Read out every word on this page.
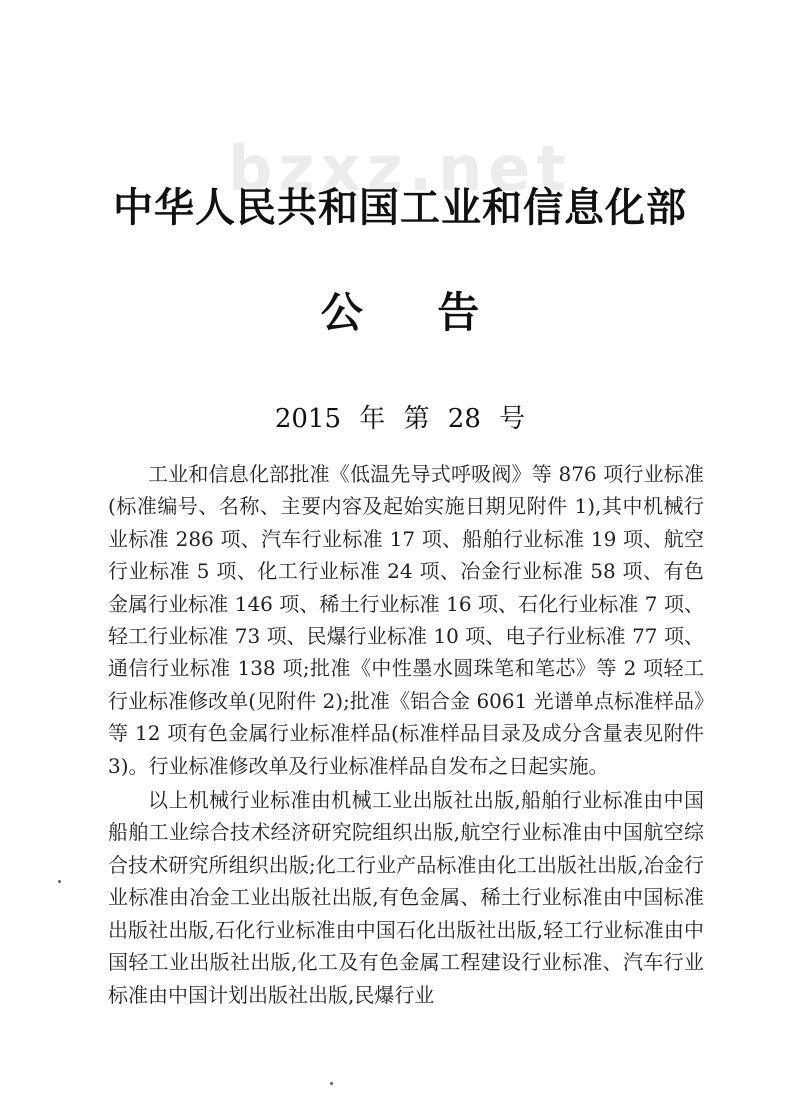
bzxz.net
中华人民共和国工业和信息化部
公 告
2015 年 第 28 号

工业和信息化部批准《低温先导式呼吸阀》等 876 项行业标准(标准编号、名称、主要内容及起始实施日期见附件 1),其中机械行业标准 286 项、汽车行业标准 17 项、船舶行业标准 19 项、航空行业标准 5 项、化工行业标准 24 项、冶金行业标准 58 项、有色金属行业标准 146 项、稀土行业标准 16 项、石化行业标准 7 项、轻工行业标准 73 项、民爆行业标准 10 项、电子行业标准 77 项、通信行业标准 138 项;批准《中性墨水圆珠笔和笔芯》等 2 项轻工行业标准修改单(见附件 2);批准《铝合金 6061 光谱单点标准样品》等 12 项有色金属行业标准样品(标准样品目录及成分含量表见附件 3)。行业标准修改单及行业标准样品自发布之日起实施。

以上机械行业标准由机械工业出版社出版,船舶行业标准由中国船舶工业综合技术经济研究院组织出版,航空行业标准由中国航空综合技术研究所组织出版;化工行业产品标准由化工出版社出版,冶金行业标准由冶金工业出版社出版,有色金属、稀土行业标准由中国标准出版社出版,石化行业标准由中国石化出版社出版,轻工行业标准由中国轻工业出版社出版,化工及有色金属工程建设行业标准、汽车行业标准由中国计划出版社出版,民爆行业
